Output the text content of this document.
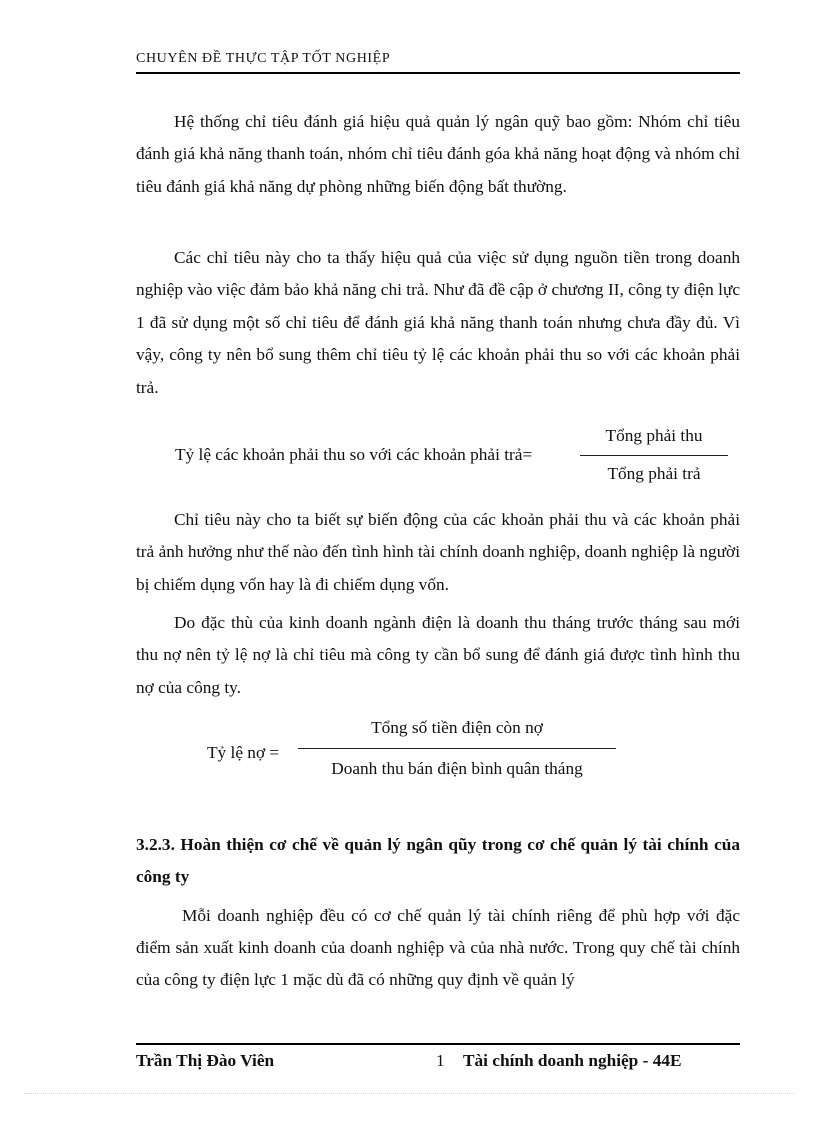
CHUYÊN ĐỀ THỰC TẬP TỐT NGHIỆP

Hệ thống chỉ tiêu đánh giá hiệu quả quản lý ngân quỹ bao gồm: Nhóm chỉ tiêu đánh giá khả năng thanh toán, nhóm chỉ tiêu đánh góa khả năng hoạt động và nhóm chỉ tiêu đánh giá khả năng dự phòng những biến động bất thường.

Các chỉ tiêu này cho ta thấy hiệu quả của việc sử dụng nguồn tiền trong doanh nghiệp vào việc đảm bảo khả năng chi trả. Như đã đề cập ở chương II, công ty điện lực 1 đã sử dụng một số chỉ tiêu để đánh giá khả năng thanh toán nhưng chưa đầy đủ. Vì vậy, công ty nên bổ sung thêm chỉ tiêu tỷ lệ các khoản phải thu so với các khoản phải trả.

Tỷ lệ các khoản phải thu so với các khoản phải trả=
Tổng phải thu
Tổng phải trả

Chỉ tiêu này cho ta biết sự biến động của các khoản phải thu và các khoản phải trả ảnh hưởng như thế nào đến tình hình tài chính doanh nghiệp, doanh nghiệp là người bị chiếm dụng vốn hay là đi chiếm dụng vốn.

Do đặc thù của kinh doanh ngành điện là doanh thu tháng trước tháng sau mới thu nợ nên tỷ lệ nợ là chỉ tiêu mà công ty cần bổ sung để đánh giá được tình hình thu nợ của công ty.

Tỷ lệ nợ =
Tổng số tiền điện còn nợ
Doanh thu bán điện bình quân tháng

3.2.3. Hoàn thiện cơ chế về quản lý ngân qũy trong cơ chế quản lý tài chính của công ty

Mỗi doanh nghiệp đều có cơ chế quản lý tài chính riêng để phù hợp với đặc điểm sản xuất kinh doanh của doanh nghiệp và của nhà nước. Trong quy chế tài chính của công ty điện lực 1 mặc dù đã có những quy định về quản lý

Trần Thị Đào Viên	1 Tài chính doanh nghiệp - 44E
